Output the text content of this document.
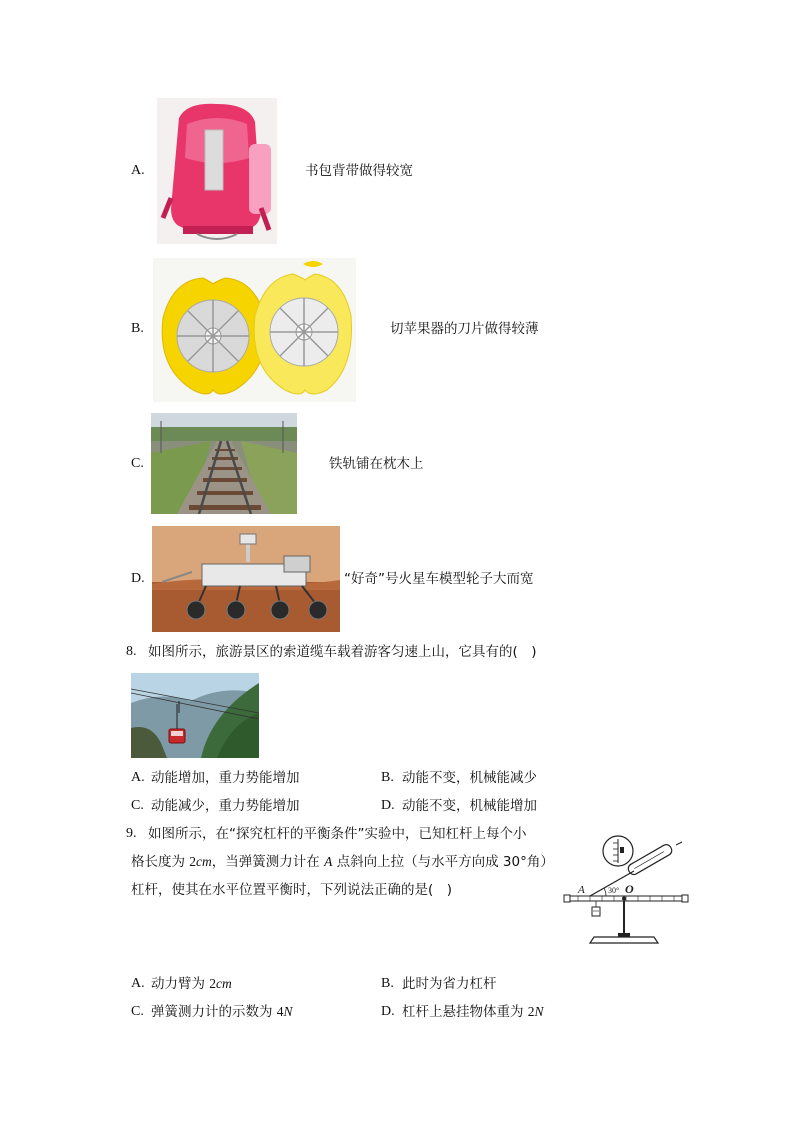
A.	书包背带做得较宽
B.	切苹果器的刀片做得较薄
C.	铁轨铺在枕木上
D.	“好奇”号火星车模型轮子大而宽
8. 如图所示，旅游景区的索道缆车载着游客匀速上山，它具有的(　)
A. 动能增加，重力势能增加	B. 动能不变，机械能减少
C. 动能减少，重力势能增加	D. 动能不变，机械能增加
9. 如图所示，在“探究杠杆的平衡条件”实验中，已知杠杆上每个小
格长度为 2cm，当弹簧测力计在 A 点斜向上拉（与水平方向成 30°角）
杠杆，使其在水平位置平衡时，下列说法正确的是(　)	A	O
30°
A. 动力臂为 2cm	B. 此时为省力杠杆
C. 弹簧测力计的示数为 4N	D. 杠杆上悬挂物体重为 2N
